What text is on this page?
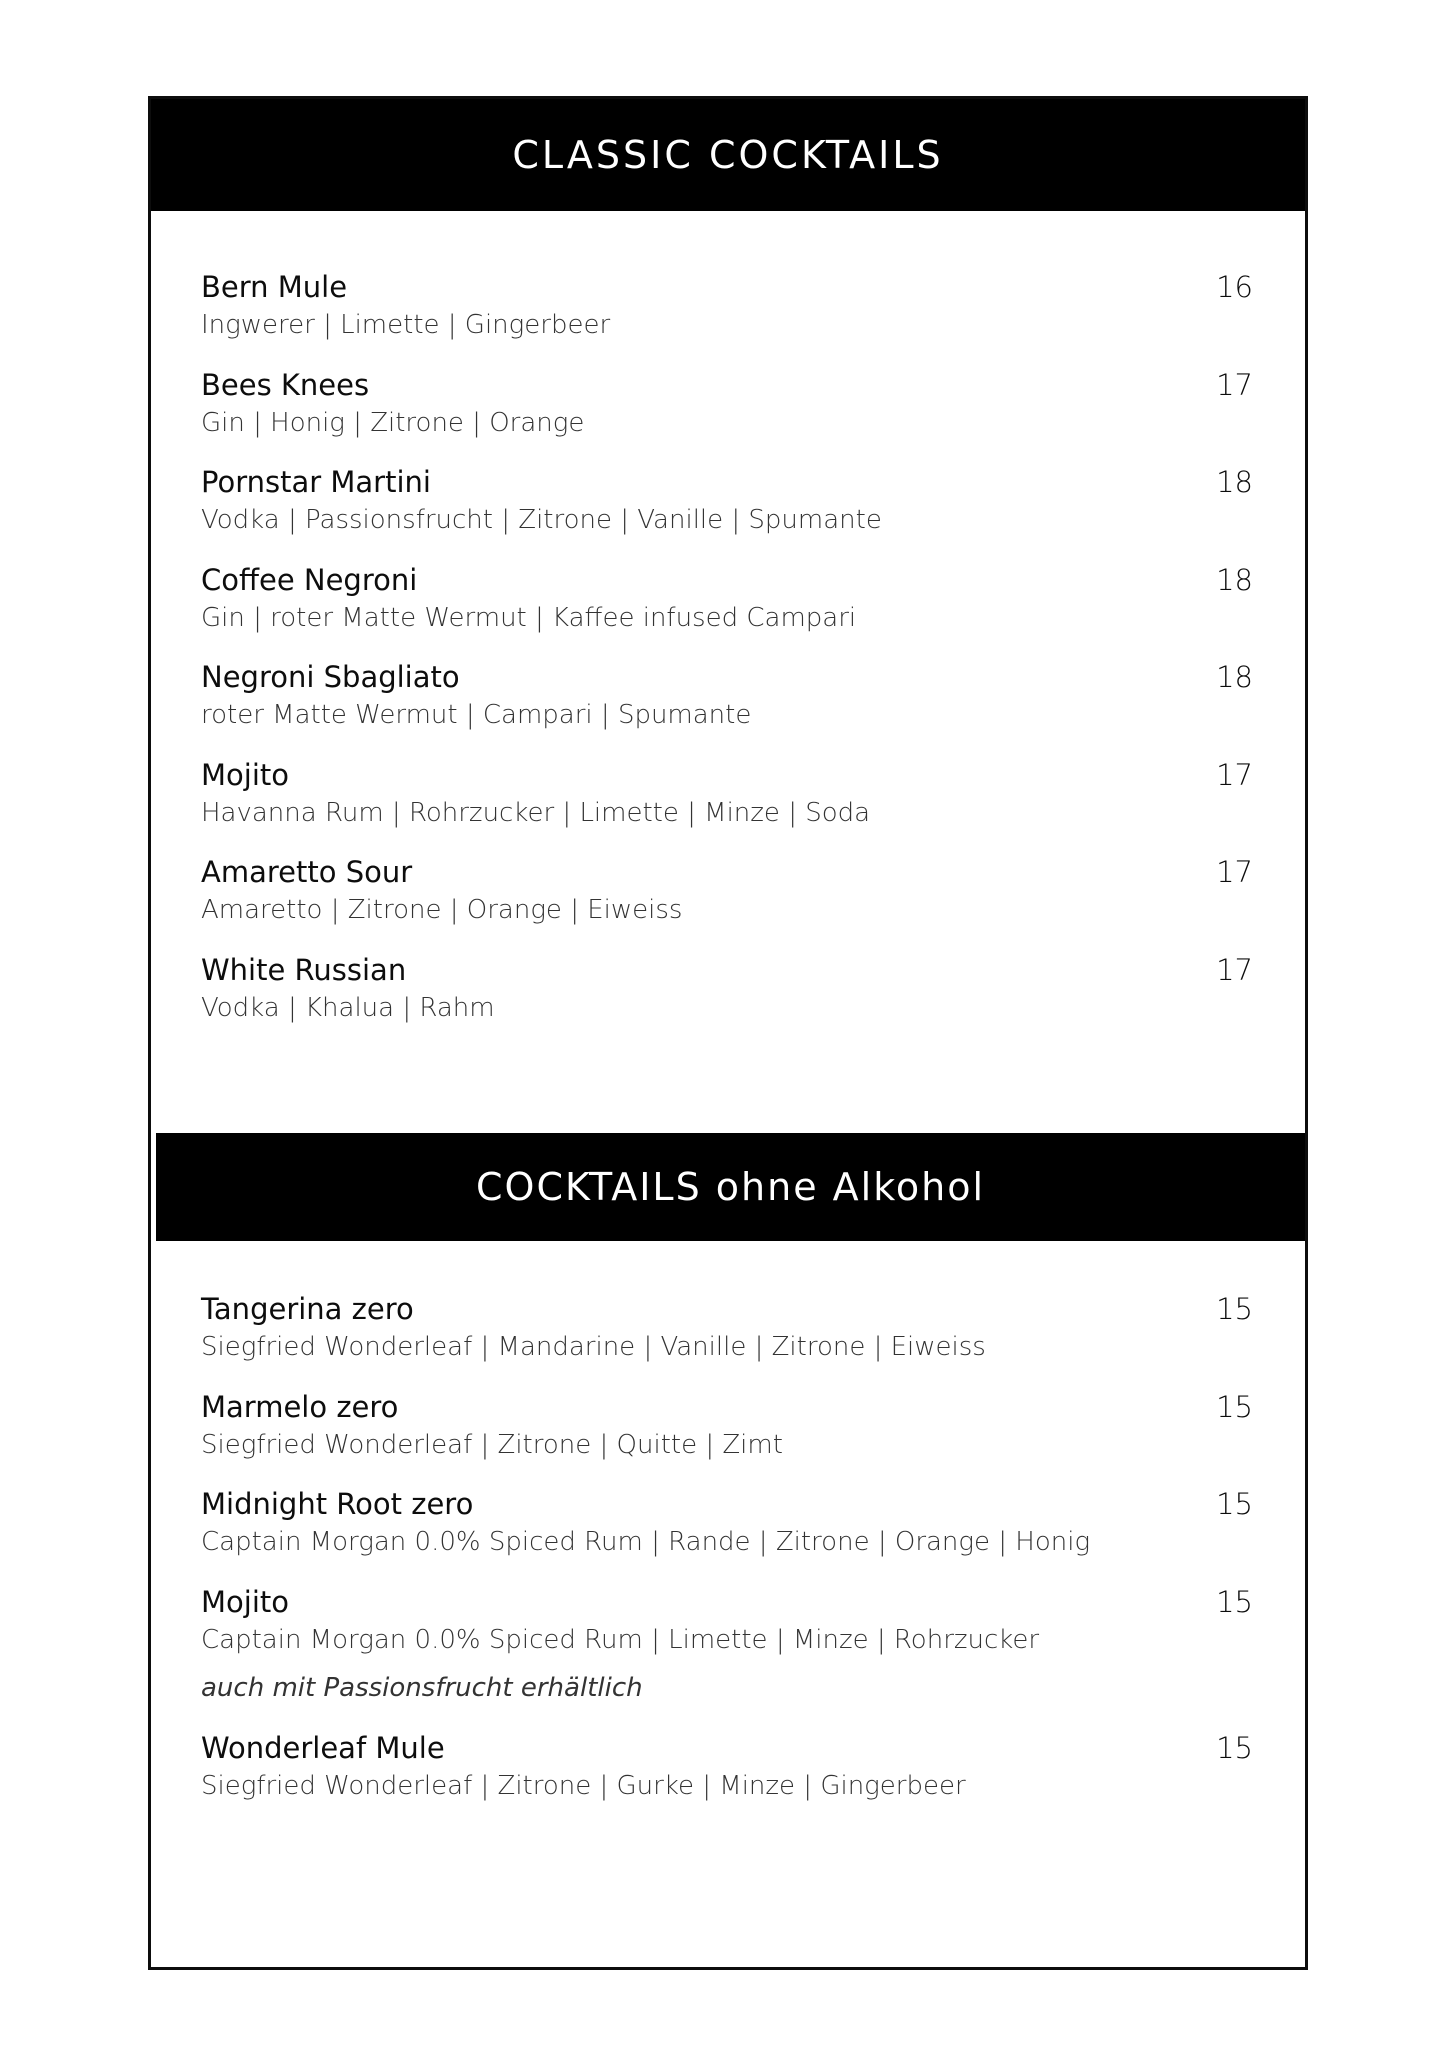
CLASSIC COCKTAILS
Bern Mule	16
Ingwerer | Limette | Gingerbeer
Bees Knees	17
Gin | Honig | Zitrone | Orange
Pornstar Martini	18
Vodka | Passionsfrucht | Zitrone | Vanille | Spumante
Coffee Negroni	18
Gin | roter Matte Wermut | Kaffee infused Campari
Negroni Sbagliato	18
roter Matte Wermut | Campari | Spumante
Mojito	17
Havanna Rum | Rohrzucker | Limette | Minze | Soda
Amaretto Sour	17
Amaretto | Zitrone | Orange | Eiweiss
White Russian	17
Vodka | Khalua | Rahm
COCKTAILS ohne Alkohol
Tangerina zero	15
Siegfried Wonderleaf | Mandarine | Vanille | Zitrone | Eiweiss
Marmelo zero	15
Siegfried Wonderleaf | Zitrone | Quitte | Zimt
Midnight Root zero	15
Captain Morgan 0.0% Spiced Rum | Rande | Zitrone | Orange | Honig
Mojito	15
Captain Morgan 0.0% Spiced Rum | Limette | Minze | Rohrzucker
auch mit Passionsfrucht erhältlich
Wonderleaf Mule	15
Siegfried Wonderleaf | Zitrone | Gurke | Minze | Gingerbeer
